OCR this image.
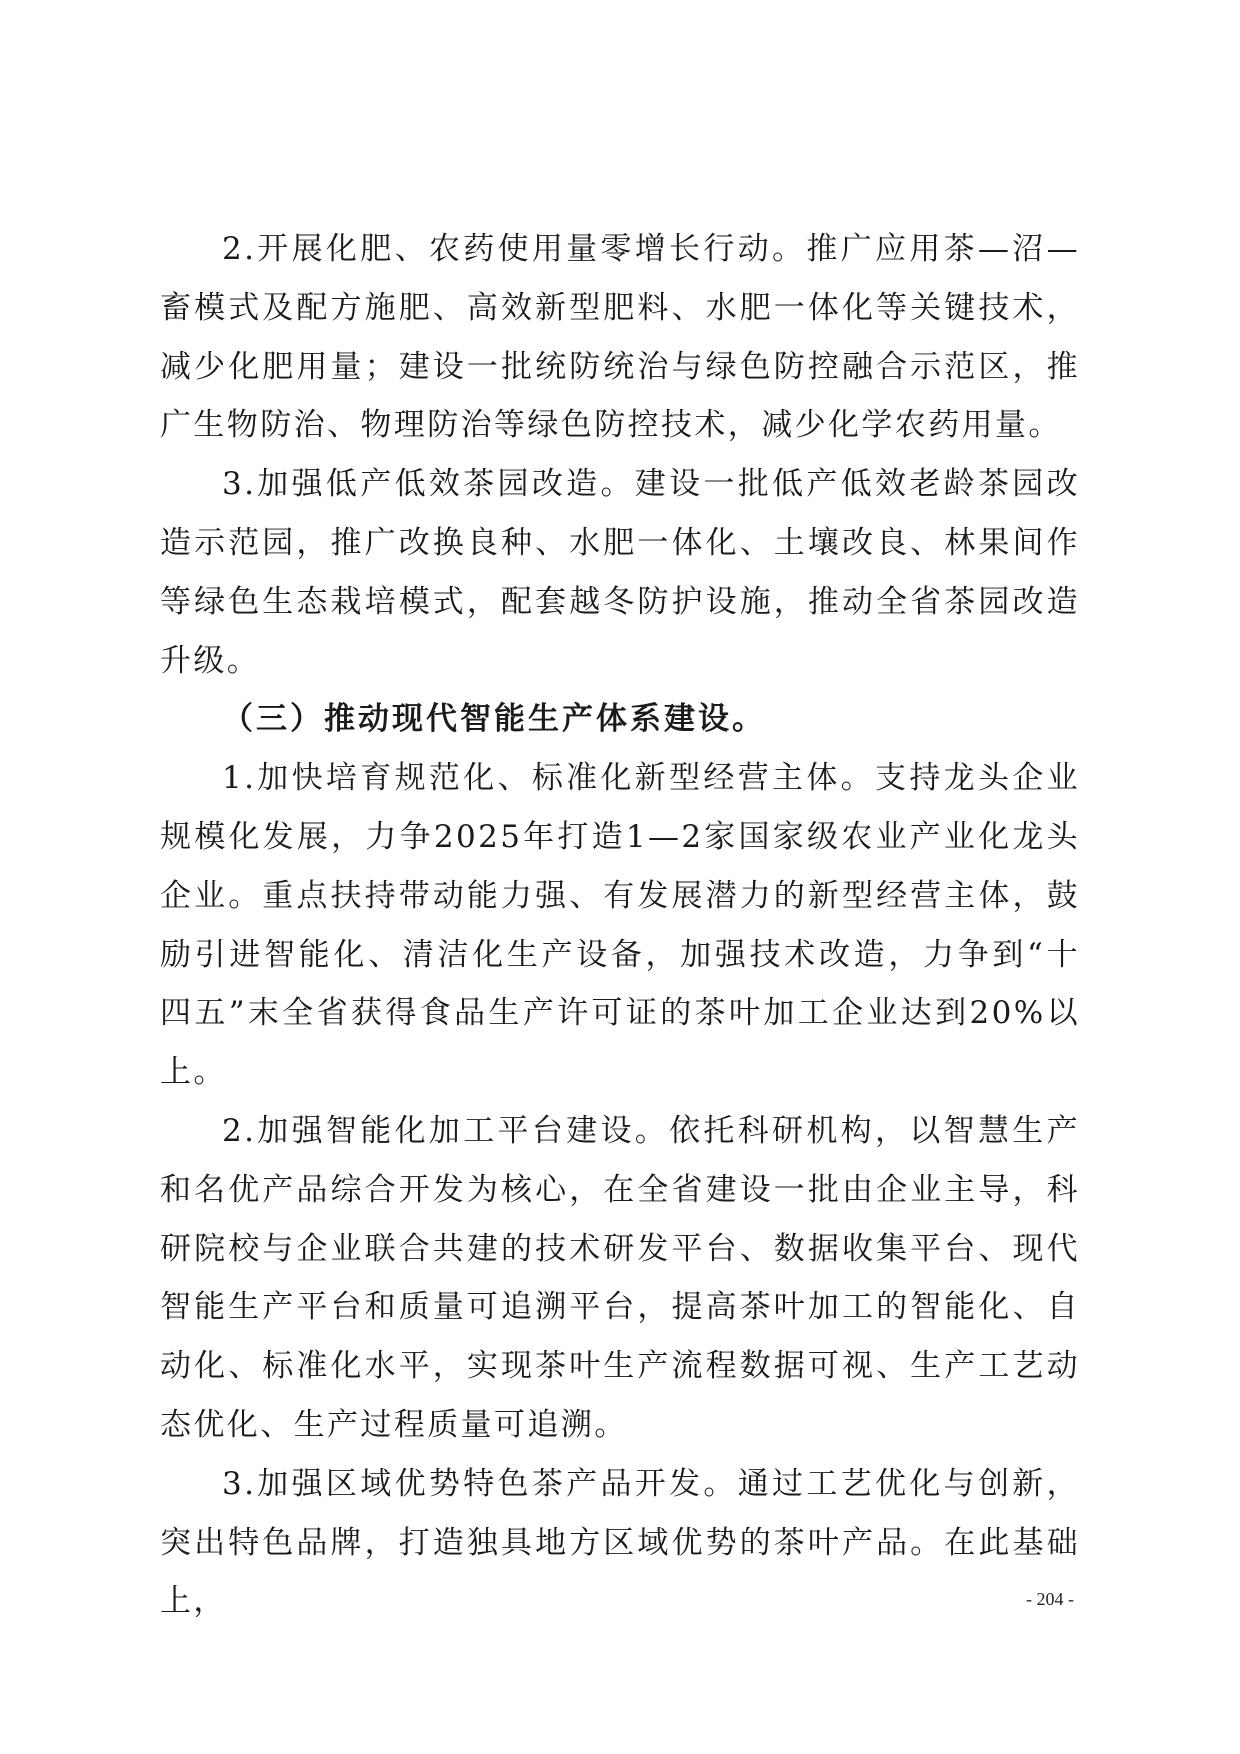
2.开展化肥、农药使用量零增长行动。推广应用茶—沼—畜模式及配方施肥、高效新型肥料、水肥一体化等关键技术，减少化肥用量；建设一批统防统治与绿色防控融合示范区，推广生物防治、物理防治等绿色防控技术，减少化学农药用量。

3.加强低产低效茶园改造。建设一批低产低效老龄茶园改造示范园，推广改换良种、水肥一体化、土壤改良、林果间作等绿色生态栽培模式，配套越冬防护设施，推动全省茶园改造升级。

（三）推动现代智能生产体系建设。

1.加快培育规范化、标准化新型经营主体。支持龙头企业规模化发展，力争2025年打造1—2家国家级农业产业化龙头企业。重点扶持带动能力强、有发展潜力的新型经营主体，鼓励引进智能化、清洁化生产设备，加强技术改造，力争到“十四五”末全省获得食品生产许可证的茶叶加工企业达到20%以上。

2.加强智能化加工平台建设。依托科研机构，以智慧生产和名优产品综合开发为核心，在全省建设一批由企业主导，科研院校与企业联合共建的技术研发平台、数据收集平台、现代智能生产平台和质量可追溯平台，提高茶叶加工的智能化、自动化、标准化水平，实现茶叶生产流程数据可视、生产工艺动态优化、生产过程质量可追溯。

3.加强区域优势特色茶产品开发。通过工艺优化与创新，突出特色品牌，打造独具地方区域优势的茶叶产品。在此基础上，	- 204 -
